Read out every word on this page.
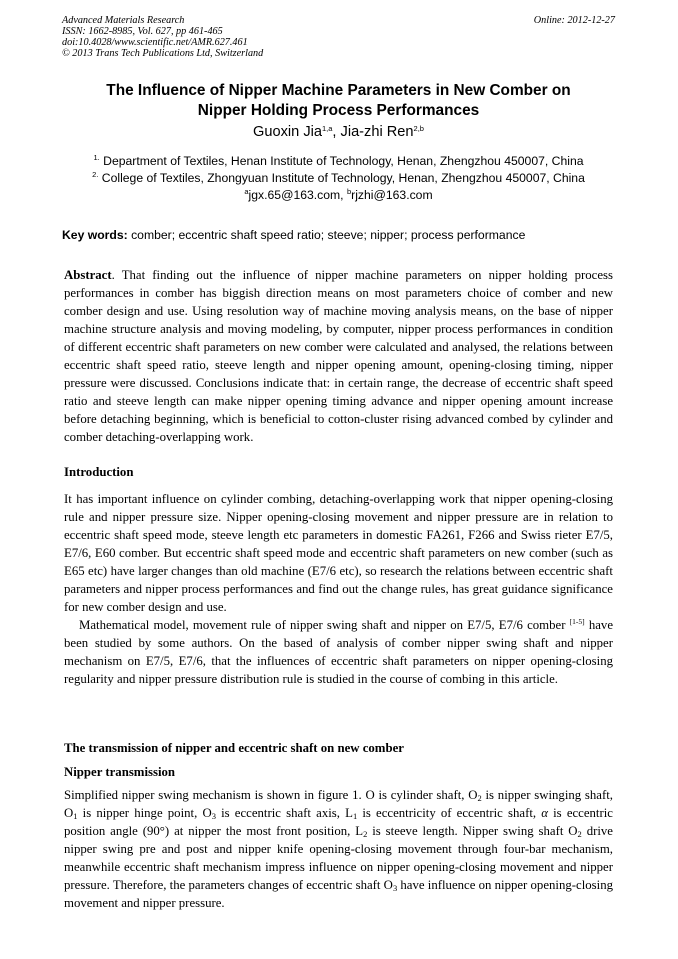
Advanced Materials Research
ISSN: 1662-8985, Vol. 627, pp 461-465
doi:10.4028/www.scientific.net/AMR.627.461
© 2013 Trans Tech Publications Ltd, Switzerland
Online: 2012-12-27
The Influence of Nipper Machine Parameters in New Comber on
Nipper Holding Process Performances
Guoxin Jia$^{1,a}$, Jia-zhi Ren$^{2,b}$
$^{1.}$ Department of Textiles, Henan Institute of Technology, Henan, Zhengzhou 450007, China
$^{2.}$ College of Textiles, Zhongyuan Institute of Technology, Henan, Zhengzhou 450007, China
$^a$jgx.65@163.com, $^b$rjzhi@163.com
Key words: comber; eccentric shaft speed ratio; steeve; nipper; process performance
Abstract. That finding out the influence of nipper machine parameters on nipper holding process performances in comber has biggish direction means on most parameters choice of comber and new comber design and use. Using resolution way of machine moving analysis means, on the base of nipper machine structure analysis and moving modeling, by computer, nipper process performances in condition of different eccentric shaft parameters on new comber were calculated and analysed, the relations between eccentric shaft speed ratio, steeve length and nipper opening amount, opening-closing timing, nipper pressure were discussed. Conclusions indicate that: in certain range, the decrease of eccentric shaft speed ratio and steeve length can make nipper opening timing advance and nipper opening amount increase before detaching beginning, which is beneficial to cotton-cluster rising advanced combed by cylinder and comber detaching-overlapping work.
Introduction

It has important influence on cylinder combing, detaching-overlapping work that nipper opening-closing rule and nipper pressure size. Nipper opening-closing movement and nipper pressure are in relation to eccentric shaft speed mode, steeve length etc parameters in domestic FA261, F266 and Swiss rieter E7/5, E7/6, E60 comber. But eccentric shaft speed mode and eccentric shaft parameters on new comber (such as E65 etc) have larger changes than old machine (E7/6 etc), so research the relations between eccentric shaft parameters and nipper process performances and find out the change rules, has great guidance significance for new comber design and use.

Mathematical model, movement rule of nipper swing shaft and nipper on E7/5, E7/6 comber [1-5] have been studied by some authors. On the based of analysis of comber nipper swing shaft and nipper mechanism on E7/5, E7/6, that the influences of eccentric shaft parameters on nipper opening-closing regularity and nipper pressure distribution rule is studied in the course of combing in this article.

The transmission of nipper and eccentric shaft on new comber
Nipper transmission

Simplified nipper swing mechanism is shown in figure 1. O is cylinder shaft, $O_2$ is nipper swinging shaft, $O_1$ is nipper hinge point, $O_3$ is eccentric shaft axis, $L_1$ is eccentricity of eccentric shaft, α is eccentric position angle (90°) at nipper the most front position, $L_2$ is steeve length. Nipper swing shaft $O_2$ drive nipper swing pre and post and nipper knife opening-closing movement through four-bar mechanism, meanwhile eccentric shaft mechanism impress influence on nipper opening-closing movement and nipper pressure. Therefore, the parameters changes of eccentric shaft $O_3$ have influence on nipper opening-closing movement and nipper pressure.
